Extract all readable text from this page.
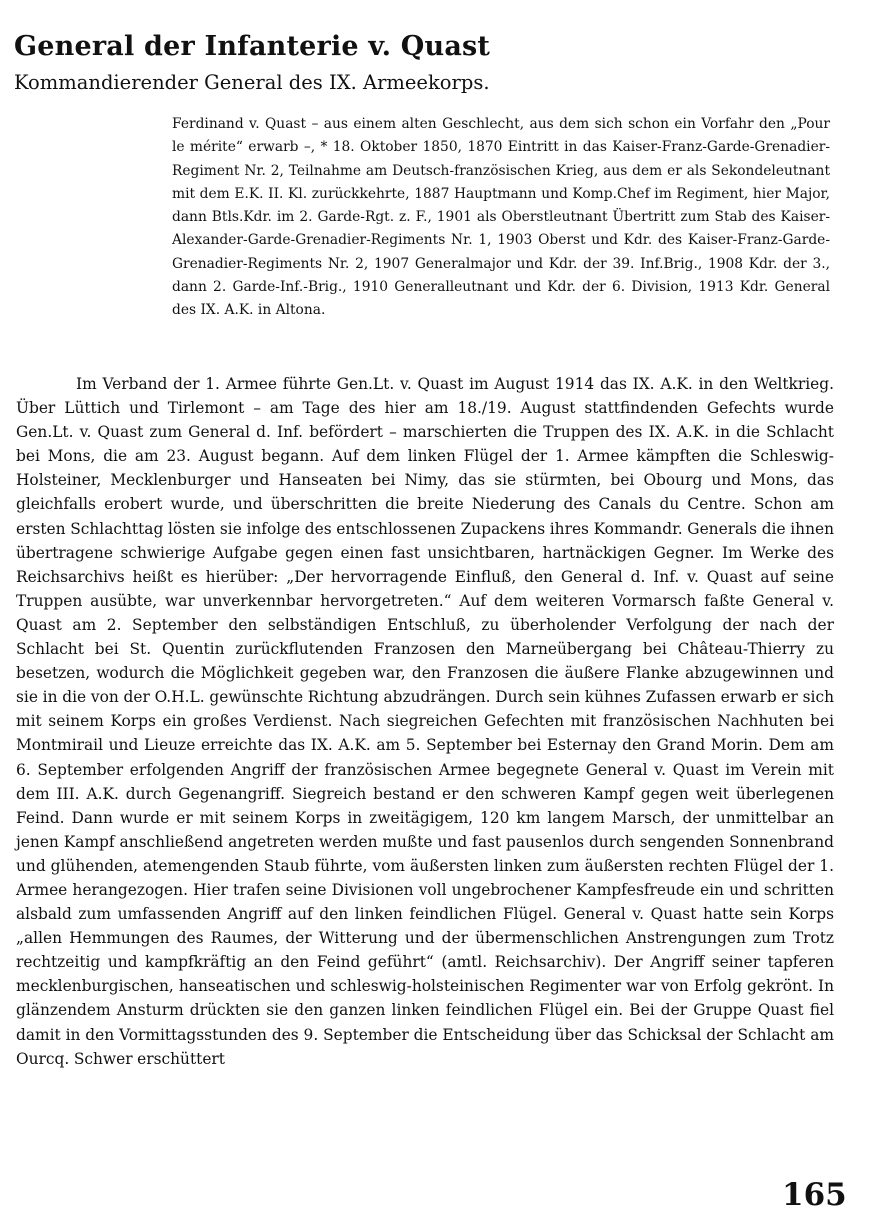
General der Infanterie v. Quast
Kommandierender General des IX. Armeekorps.

Ferdinand v. Quast – aus einem alten Geschlecht, aus dem sich schon ein Vorfahr den „Pour le mérite“ erwarb –, * 18. Oktober 1850, 1870 Eintritt in das Kaiser-Franz-Garde-Grenadier-Regiment Nr. 2, Teilnahme am Deutsch-französischen Krieg, aus dem er als Sekondeleutnant mit dem E.K. II. Kl. zurückkehrte, 1887 Hauptmann und Komp.Chef im Regiment, hier Major, dann Btls.Kdr. im 2. Garde-Rgt. z. F., 1901 als Oberstleutnant Übertritt zum Stab des Kaiser-Alexander-Garde-Grenadier-Regiments Nr. 1, 1903 Oberst und Kdr. des Kaiser-Franz-Garde-Grenadier-Regiments Nr. 2, 1907 Generalmajor und Kdr. der 39. Inf.Brig., 1908 Kdr. der 3., dann 2. Garde-Inf.-Brig., 1910 Generalleutnant und Kdr. der 6. Division, 1913 Kdr. General des IX. A.K. in Altona.

Im Verband der 1. Armee führte Gen.Lt. v. Quast im August 1914 das IX. A.K. in den Weltkrieg. Über Lüttich und Tirlemont – am Tage des hier am 18./19. August stattfindenden Gefechts wurde Gen.Lt. v. Quast zum General d. Inf. befördert – marschierten die Truppen des IX. A.K. in die Schlacht bei Mons, die am 23. August begann. Auf dem linken Flügel der 1. Armee kämpften die Schleswig-Holsteiner, Mecklenburger und Hanseaten bei Nimy, das sie stürmten, bei Obourg und Mons, das gleichfalls erobert wurde, und überschritten die breite Niederung des Canals du Centre. Schon am ersten Schlachttag lösten sie infolge des entschlossenen Zupackens ihres Kommandr. Generals die ihnen übertragene schwierige Aufgabe gegen einen fast unsichtbaren, hartnäckigen Gegner. Im Werke des Reichsarchivs heißt es hierüber: „Der hervorragende Einfluß, den General d. Inf. v. Quast auf seine Truppen ausübte, war unverkennbar hervorgetreten.“ Auf dem weiteren Vormarsch faßte General v. Quast am 2. September den selbständigen Entschluß, zu überholender Verfolgung der nach der Schlacht bei St. Quentin zurückflutenden Franzosen den Marneübergang bei Château-Thierry zu besetzen, wodurch die Möglichkeit gegeben war, den Franzosen die äußere Flanke abzugewinnen und sie in die von der O.H.L. gewünschte Richtung abzudrängen. Durch sein kühnes Zufassen erwarb er sich mit seinem Korps ein großes Verdienst. Nach siegreichen Gefechten mit französischen Nachhuten bei Montmirail und Lieuze erreichte das IX. A.K. am 5. September bei Esternay den Grand Morin. Dem am 6. September erfolgenden Angriff der französischen Armee begegnete General v. Quast im Verein mit dem III. A.K. durch Gegenangriff. Siegreich bestand er den schweren Kampf gegen weit überlegenen Feind. Dann wurde er mit seinem Korps in zweitägigem, 120 km langem Marsch, der unmittelbar an jenen Kampf anschließend angetreten werden mußte und fast pausenlos durch sengenden Sonnenbrand und glühenden, atemengenden Staub führte, vom äußersten linken zum äußersten rechten Flügel der 1. Armee herangezogen. Hier trafen seine Divisionen voll ungebrochener Kampfesfreude ein und schritten alsbald zum umfassenden Angriff auf den linken feindlichen Flügel. General v. Quast hatte sein Korps „allen Hemmungen des Raumes, der Witterung und der übermenschlichen Anstrengungen zum Trotz rechtzeitig und kampfkräftig an den Feind geführt“ (amtl. Reichsarchiv). Der Angriff seiner tapferen mecklenburgischen, hanseatischen und schleswig-holsteinischen Regimenter war von Erfolg gekrönt. In glänzendem Ansturm drückten sie den ganzen linken feindlichen Flügel ein. Bei der Gruppe Quast fiel damit in den Vormittagsstunden des 9. September die Entscheidung über das Schicksal der Schlacht am Ourcq. Schwer erschüttert

165
